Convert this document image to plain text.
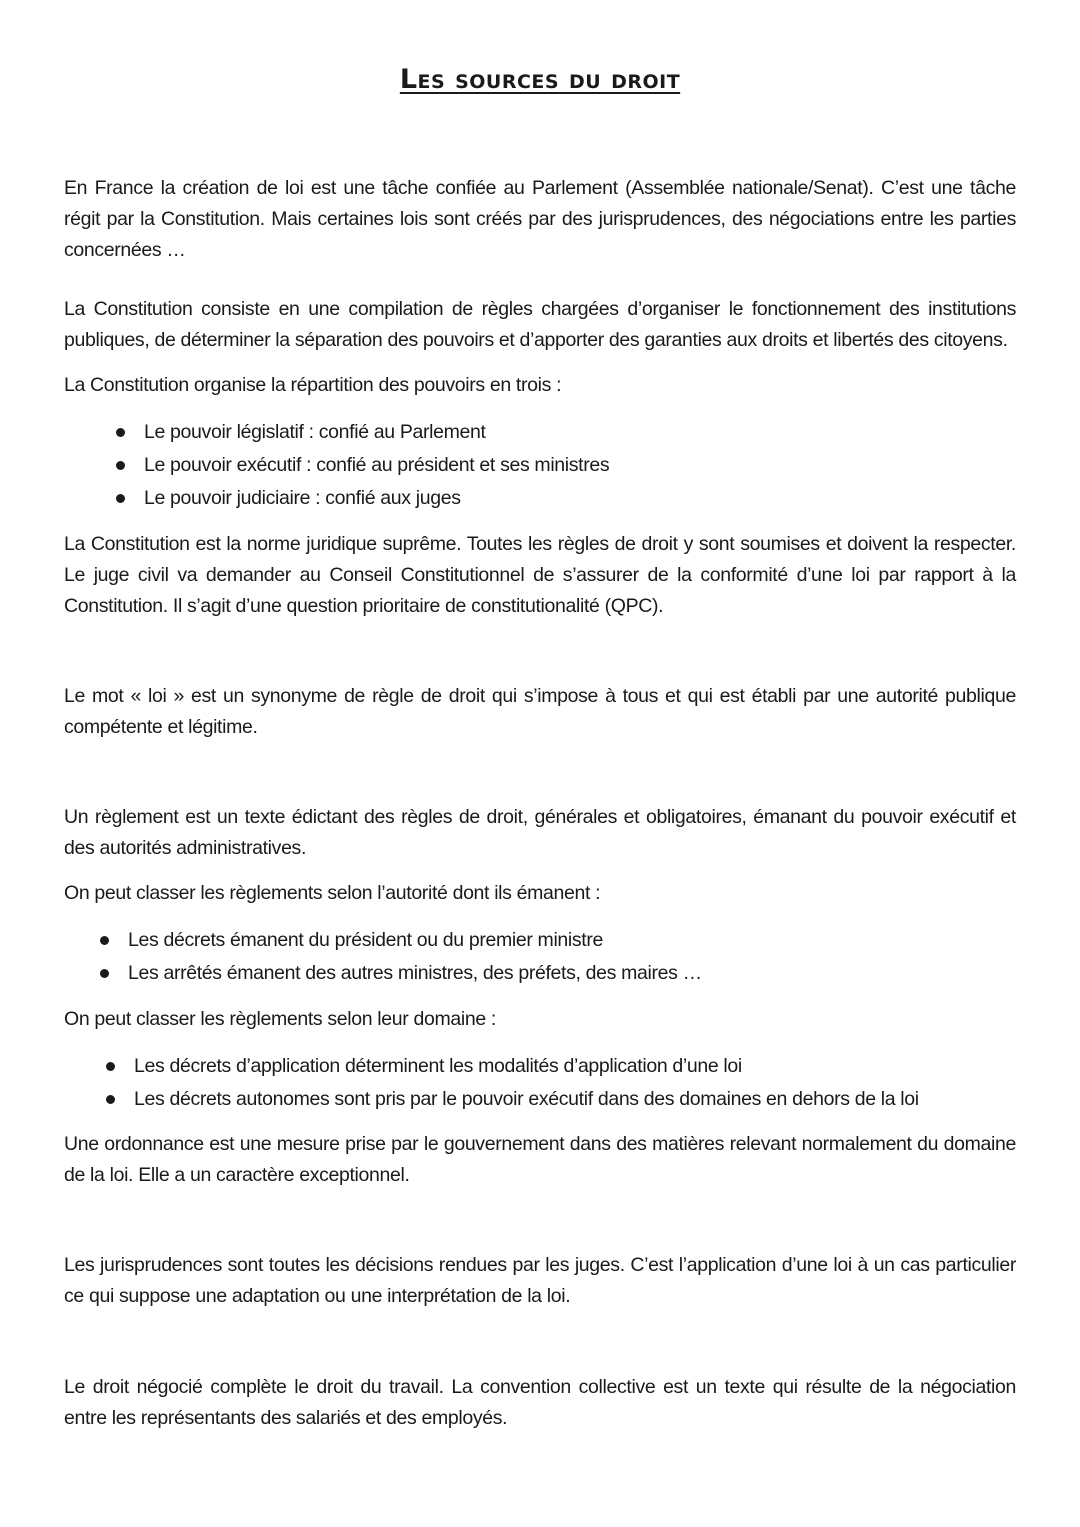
Les sources du droit

En France la création de loi est une tâche confiée au Parlement (Assemblée nationale/Senat). C’est une tâche régit par la Constitution. Mais certaines lois sont créés par des jurisprudences, des négociations entre les parties concernées …

La Constitution consiste en une compilation de règles chargées d’organiser le fonctionnement des institutions publiques, de déterminer la séparation des pouvoirs et d’apporter des garanties aux droits et libertés des citoyens.

La Constitution organise la répartition des pouvoirs en trois :

Le pouvoir législatif : confié au Parlement
Le pouvoir exécutif : confié au président et ses ministres
Le pouvoir judiciaire : confié aux juges

La Constitution est la norme juridique suprême. Toutes les règles de droit y sont soumises et doivent la respecter. Le juge civil va demander au Conseil Constitutionnel de s’assurer de la conformité d’une loi par rapport à la Constitution. Il s’agit d’une question prioritaire de constitutionalité (QPC).

Le mot « loi » est un synonyme de règle de droit qui s’impose à tous et qui est établi par une autorité publique compétente et légitime.

Un règlement est un texte édictant des règles de droit, générales et obligatoires, émanant du pouvoir exécutif et des autorités administratives.

On peut classer les règlements selon l’autorité dont ils émanent :

Les décrets émanent du président ou du premier ministre
Les arrêtés émanent des autres ministres, des préfets, des maires …

On peut classer les règlements selon leur domaine :

Les décrets d’application déterminent les modalités d’application d’une loi
Les décrets autonomes sont pris par le pouvoir exécutif dans des domaines en dehors de la loi

Une ordonnance est une mesure prise par le gouvernement dans des matières relevant normalement du domaine de la loi. Elle a un caractère exceptionnel.

Les jurisprudences sont toutes les décisions rendues par les juges. C’est l’application d’une loi à un cas particulier ce qui suppose une adaptation ou une interprétation de la loi.

Le droit négocié complète le droit du travail. La convention collective est un texte qui résulte de la négociation entre les représentants des salariés et des employés.
